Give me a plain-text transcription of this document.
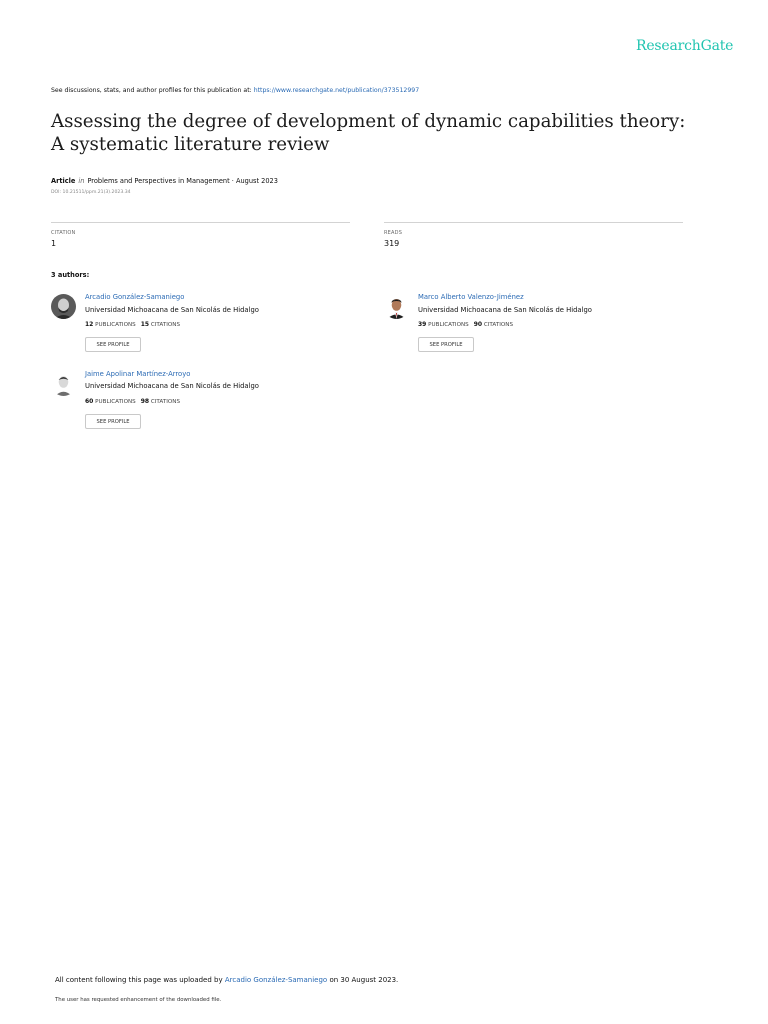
ResearchGate
See discussions, stats, and author profiles for this publication at: https://www.researchgate.net/publication/373512997
Assessing the degree of development of dynamic capabilities theory: A systematic literature review
Article in Problems and Perspectives in Management · August 2023
DOI: 10.21511/ppm.21(3).2023.34
CITATION
1
READS
319
3 authors:
Arcadio González-Samaniego
Universidad Michoacana de San Nicolás de Hidalgo
12 PUBLICATIONS 15 CITATIONS
SEE PROFILE
Marco Alberto Valenzo-Jiménez
Universidad Michoacana de San Nicolás de Hidalgo
39 PUBLICATIONS 90 CITATIONS
SEE PROFILE
Jaime Apolinar Martínez-Arroyo
Universidad Michoacana de San Nicolás de Hidalgo
60 PUBLICATIONS 98 CITATIONS
SEE PROFILE
All content following this page was uploaded by Arcadio González-Samaniego on 30 August 2023.
The user has requested enhancement of the downloaded file.
